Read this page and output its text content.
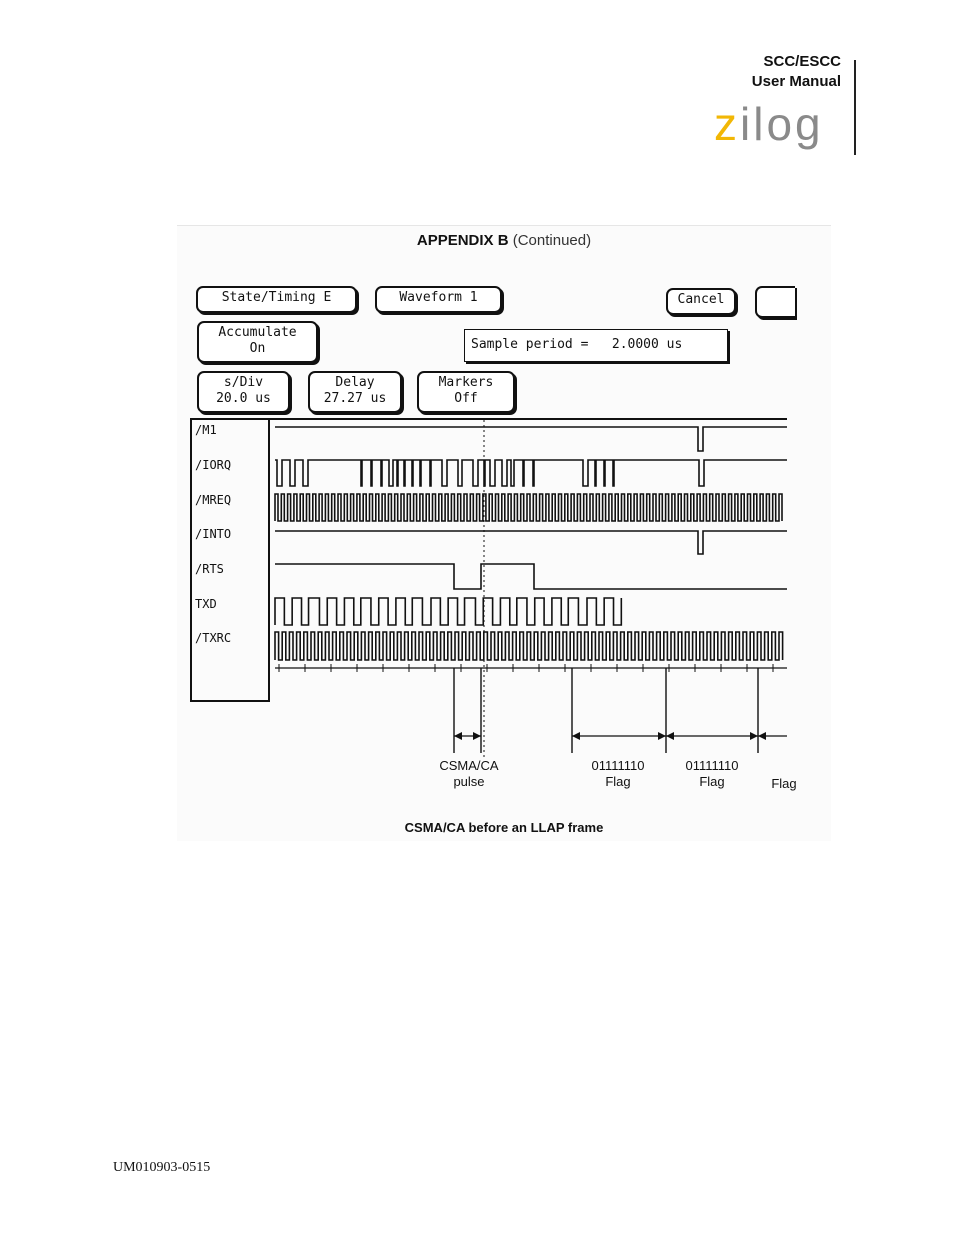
SCC/ESCC
User Manual
zilog
APPENDIX B (Continued)
State/Timing E	Waveform 1	Cancel
Accumulate
On	Sample period =   2.0000 us
s/Div
20.0 us
Delay
27.27 us
Markers
Off
/M1
/IORQ
/MREQ
/INTO
/RTS
TXD
/TXRC
CSMA/CA
pulse
01111110
Flag
01111110
Flag	Flag
CSMA/CA before an LLAP frame
UM010903-0515
